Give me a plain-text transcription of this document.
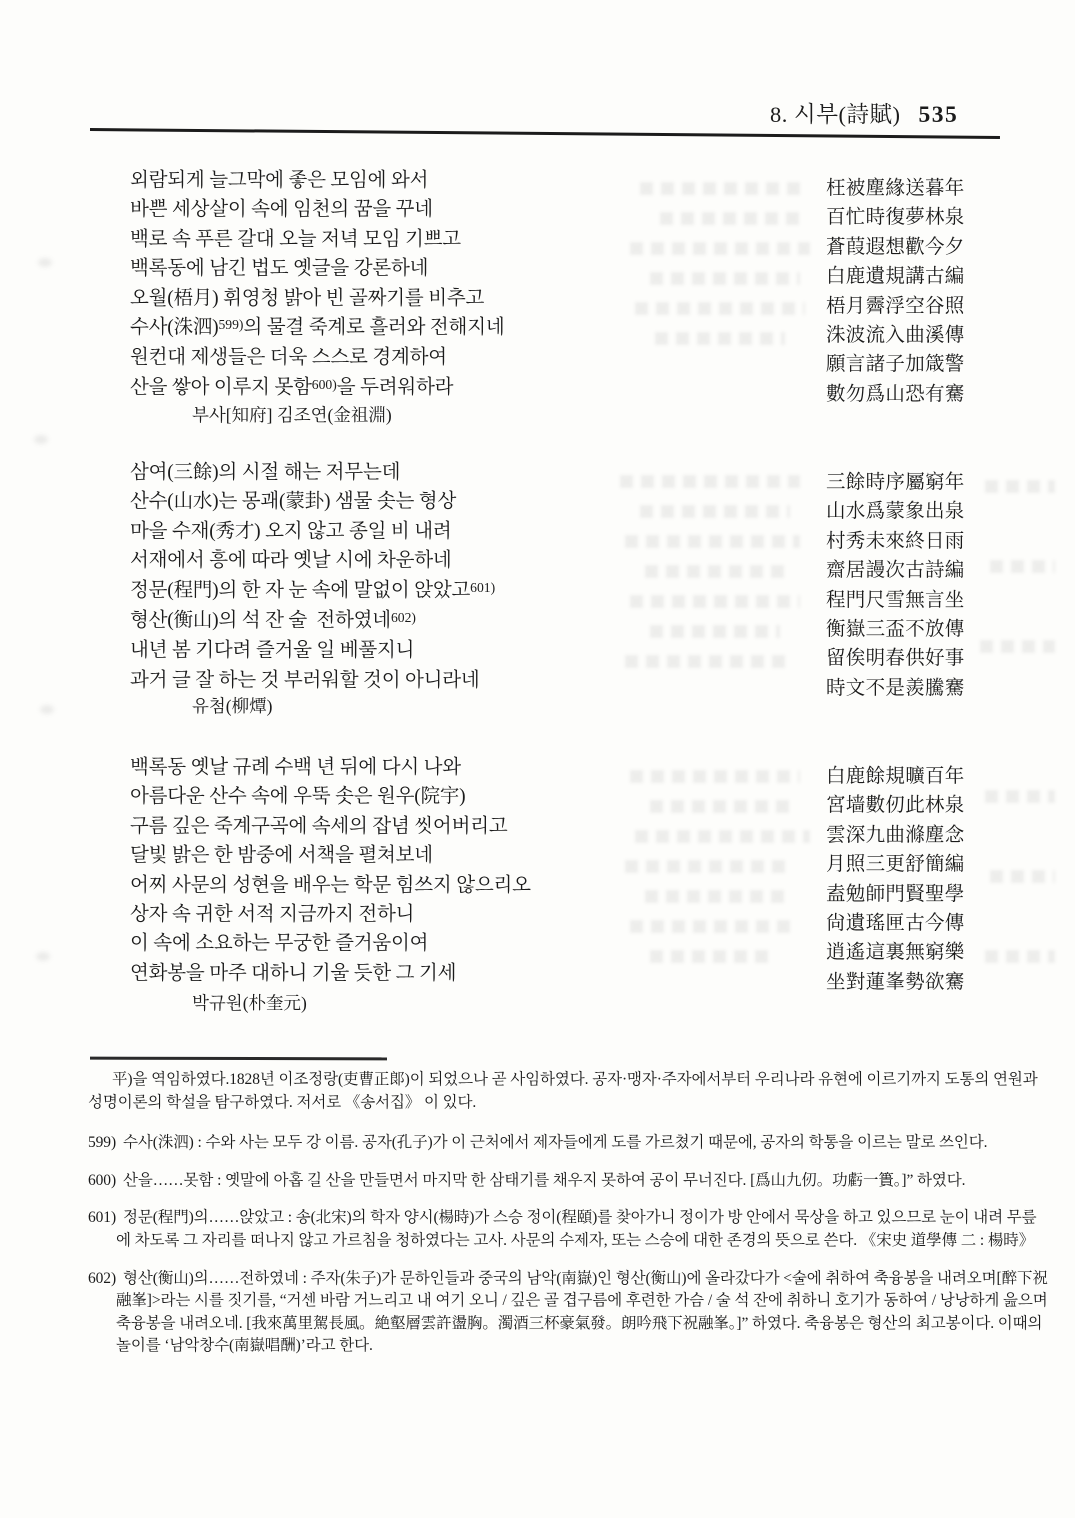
8. 시부(詩賦) 535
외람되게 늘그막에 좋은 모임에 와서
바쁜 세상살이 속에 임천의 꿈을 꾸네
백로 속 푸른 갈대 오늘 저녁 모임 기쁘고
백록동에 남긴 법도 옛글을 강론하네
오월(梧月) 휘영청 밝아 빈 골짜기를 비추고
수사(洙泗)$^{599)}$의 물결 죽계로 흘러와 전해지네
원컨대 제생들은 더욱 스스로 경계하여
산을 쌓아 이루지 못함$^{600)}$을 두려워하라
枉被塵緣送暮年
百忙時復夢林泉
蒼葭遐想歡今夕
白鹿遺規講古編
梧月霽浮空谷照
洙波流入曲溪傳
願言諸子加箴警
數勿爲山恐有騫
부사[知府] 김조연(金祖淵)
삼여(三餘)의 시절 해는 저무는데
산수(山水)는 몽괘(蒙卦) 샘물 솟는 형상
마을 수재(秀才) 오지 않고 종일 비 내려
서재에서 흥에 따라 옛날 시에 차운하네
정문(程門)의 한 자 눈 속에 말없이 앉았고$^{601)}$
형산(衡山)의 석 잔 술  전하였네$^{602)}$
내년 봄 기다려 즐거울 일 베풀지니
과거 글 잘 하는 것 부러워할 것이 아니라네
三餘時序屬窮年
山水爲蒙象出泉
村秀未來終日雨
齋居謾次古詩編
程門尺雪無言坐
衡嶽三盃不放傳
留俟明春供好事
時文不是羨騰騫
유첨(柳燂)
백록동 옛날 규례 수백 년 뒤에 다시 나와
아름다운 산수 속에 우뚝 솟은 원우(院宇)
구름 깊은 죽계구곡에 속세의 잡념 씻어버리고
달빛 밝은 한 밤중에 서책을 펼쳐보네
어찌 사문의 성현을 배우는 학문 힘쓰지 않으리오
상자 속 귀한 서적 지금까지 전하니
이 속에 소요하는 무궁한 즐거움이여
연화봉을 마주 대하니 기울 듯한 그 기세
白鹿餘規曠百年
宮墙數仞此林泉
雲深九曲滌塵念
月照三更舒簡編
盍勉師門賢聖學
尙遺瑤匣古今傳
逍遙這裏無窮樂
坐對蓮峯勢欲騫
박규원(朴奎元)

平)을 역임하였다.1828년 이조정랑(吏曹正郞)이 되었으나 곧 사임하였다. 공자·맹자·주자에서부터 우리나라 유현에 이르기까지 도통의 연원과 성명이론의 학설을 탐구하였다. 저서로 《송서집》 이 있다.

599) 수사(洙泗) : 수와 사는 모두 강 이름. 공자(孔子)가 이 근처에서 제자들에게 도를 가르쳤기 때문에, 공자의 학통을 이르는 말로 쓰인다.

600) 산을……못함 : 옛말에 아홉 길 산을 만들면서 마지막 한 삼태기를 채우지 못하여 공이 무너진다. [爲山九仞。功虧一簣。]” 하였다.

601) 정문(程門)의……앉았고 : 송(北宋)의 학자 양시(楊時)가 스승 정이(程頤)를 찾아가니 정이가 방 안에서 묵상을 하고 있으므로 눈이 내려 무릎에 차도록 그 자리를 떠나지 않고 가르침을 청하였다는 고사. 사문의 수제자, 또는 스승에 대한 존경의 뜻으로 쓴다. 《宋史 道學傳 二 : 楊時》

602) 형산(衡山)의……전하였네 : 주자(朱子)가 문하인들과 중국의 남악(南嶽)인 형산(衡山)에 올라갔다가 <술에 취하여 축융봉을 내려오며[醉下祝融峯]>라는 시를 짓기를, “거센 바람 거느리고 내 여기 오니 / 깊은 골 겹구름에 후련한 가슴 / 술 석 잔에 취하니 호기가 동하여 / 낭낭하게 읊으며 축융봉을 내려오네. [我來萬里駕長風。絶壑層雲許盪胸。濁酒三杯豪氣發。朗吟飛下祝融峯。]” 하였다. 축융봉은 형산의 최고봉이다. 이때의 놀이를 ‘남악창수(南嶽唱酬)’라고 한다.
